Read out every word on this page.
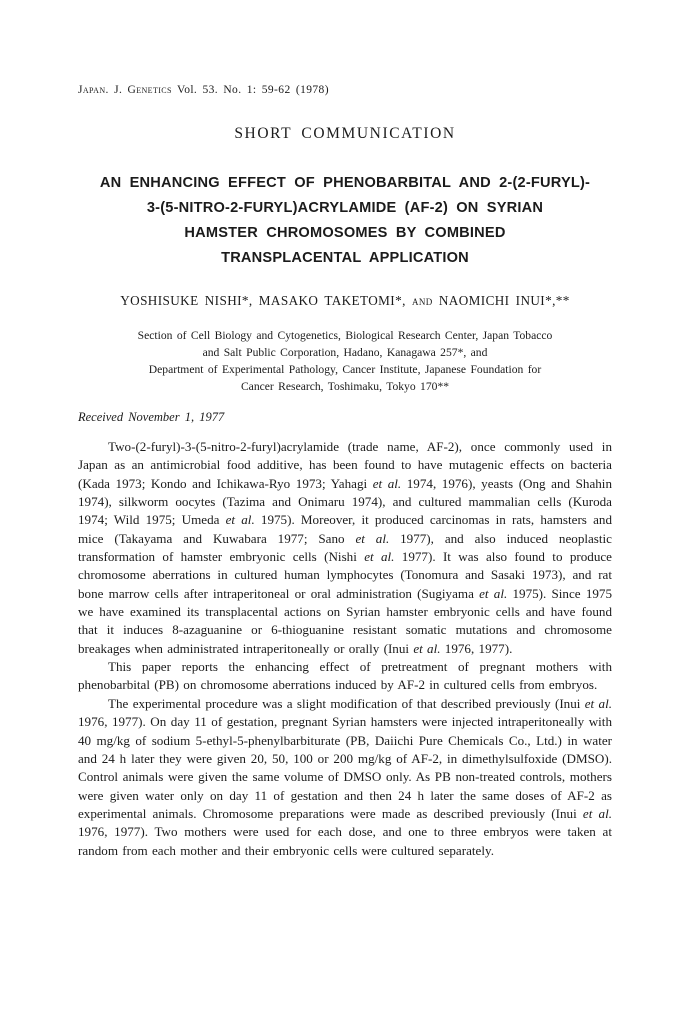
Japan. J. Genetics Vol. 53. No. 1: 59-62 (1978)
SHORT COMMUNICATION
AN ENHANCING EFFECT OF PHENOBARBITAL AND 2-(2-FURYL)-
3-(5-NITRO-2-FURYL)ACRYLAMIDE (AF-2) ON SYRIAN
HAMSTER CHROMOSOMES BY COMBINED
TRANSPLACENTAL APPLICATION
YOSHISUKE NISHI*, MASAKO TAKETOMI*, and NAOMICHI INUI*,**
Section of Cell Biology and Cytogenetics, Biological Research Center, Japan Tobacco
and Salt Public Corporation, Hadano, Kanagawa 257*, and
Department of Experimental Pathology, Cancer Institute, Japanese Foundation for
Cancer Research, Toshimaku, Tokyo 170**
Received November 1, 1977

Two-(2-furyl)-3-(5-nitro-2-furyl)acrylamide (trade name, AF-2), once commonly used in Japan as an antimicrobial food additive, has been found to have mutagenic effects on bacteria (Kada 1973; Kondo and Ichikawa-Ryo 1973; Yahagi et al. 1974, 1976), yeasts (Ong and Shahin 1974), silkworm oocytes (Tazima and Onimaru 1974), and cultured mammalian cells (Kuroda 1974; Wild 1975; Umeda et al. 1975). Moreover, it produced carcinomas in rats, hamsters and mice (Takayama and Kuwabara 1977; Sano et al. 1977), and also induced neoplastic transformation of hamster embryonic cells (Nishi et al. 1977). It was also found to produce chromosome aberrations in cultured human lymphocytes (Tonomura and Sasaki 1973), and rat bone marrow cells after intraperitoneal or oral administration (Sugiyama et al. 1975). Since 1975 we have examined its transplacental actions on Syrian hamster embryonic cells and have found that it induces 8-azaguanine or 6-thioguanine resistant somatic mutations and chromosome breakages when administrated intraperitoneally or orally (Inui et al. 1976, 1977).

This paper reports the enhancing effect of pretreatment of pregnant mothers with phenobarbital (PB) on chromosome aberrations induced by AF-2 in cultured cells from embryos.

The experimental procedure was a slight modification of that described previously (Inui et al. 1976, 1977). On day 11 of gestation, pregnant Syrian hamsters were injected intraperitoneally with 40 mg/kg of sodium 5-ethyl-5-phenylbarbiturate (PB, Daiichi Pure Chemicals Co., Ltd.) in water and 24 h later they were given 20, 50, 100 or 200 mg/kg of AF-2, in dimethylsulfoxide (DMSO). Control animals were given the same volume of DMSO only. As PB non-treated controls, mothers were given water only on day 11 of gestation and then 24 h later the same doses of AF-2 as experimental animals. Chromosome preparations were made as described previously (Inui et al. 1976, 1977). Two mothers were used for each dose, and one to three embryos were taken at random from each mother and their embryonic cells were cultured separately.
